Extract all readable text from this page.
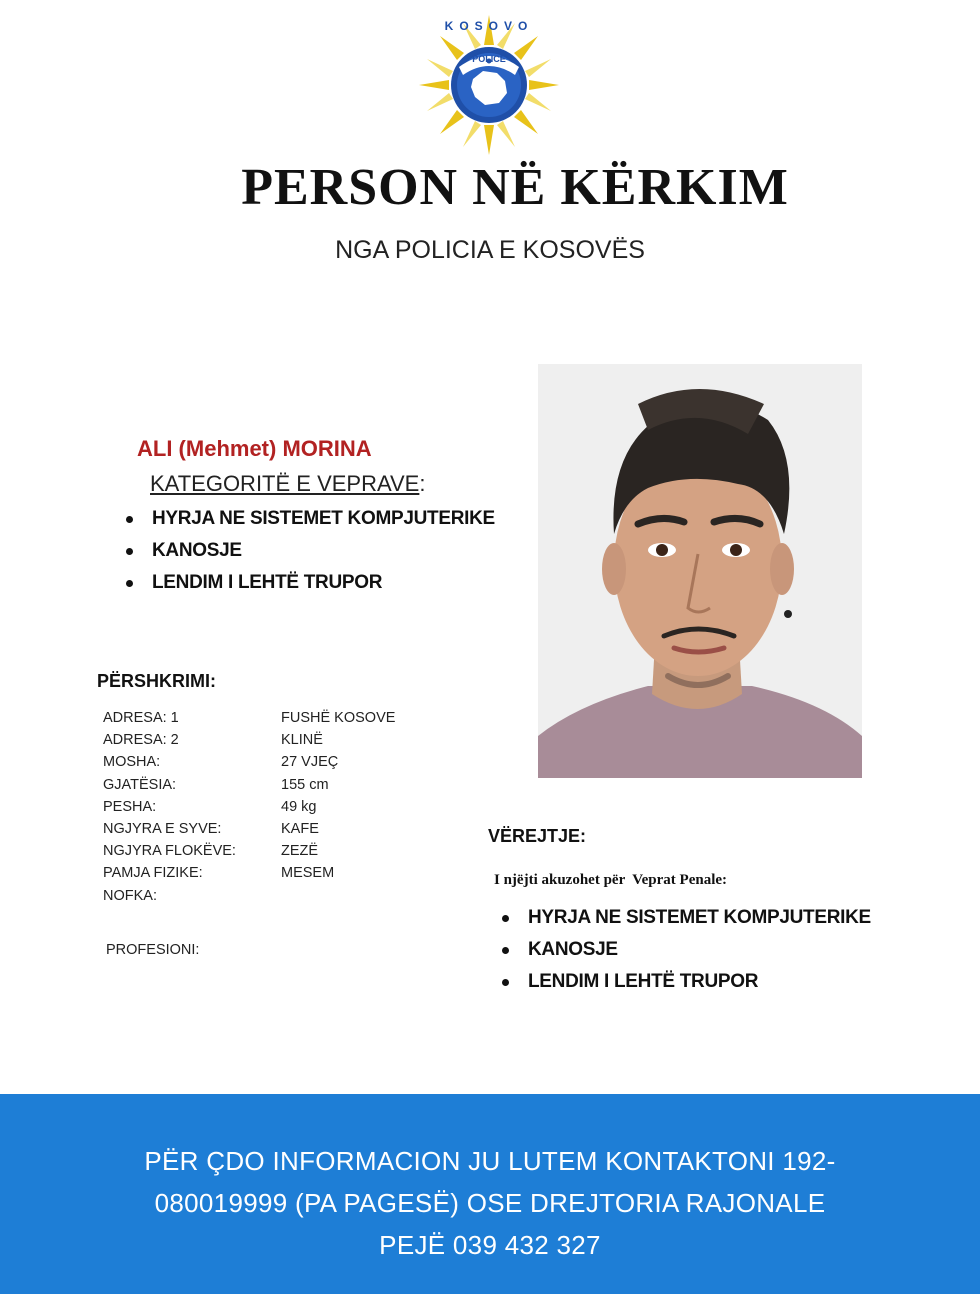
POLICE
KOSOVO
PERSON NË KËRKIM
NGA POLICIA E KOSOVËS
ALI (Mehmet) MORINA
KATEGORITË E VEPRAVE:
HYRJA NE SISTEMET KOMPJUTERIKE
KANOSJE
LENDIM I LEHTË TRUPOR
PËRSHKRIMI:
ADRESA: 1	FUSHË KOSOVE
ADRESA: 2	KLINË
MOSHA:	27 VJEÇ
GJATËSIA:	155 cm
PESHA:	49 kg
NGJYRA E SYVE:	KAFE
NGJYRA FLOKËVE:	ZEZË
PAMJA FIZIKE:	MESEM
NOFKA:	
PROFESIONI:
VËREJTJE:
I njëjti akuzohet për  Veprat Penale:
HYRJA NE SISTEMET KOMPJUTERIKE
KANOSJE
LENDIM I LEHTË TRUPOR
PËR ÇDO INFORMACION JU LUTEM KONTAKTONI 192-
080019999 (PA PAGESË) OSE DREJTORIA RAJONALE
PEJË 039 432 327
